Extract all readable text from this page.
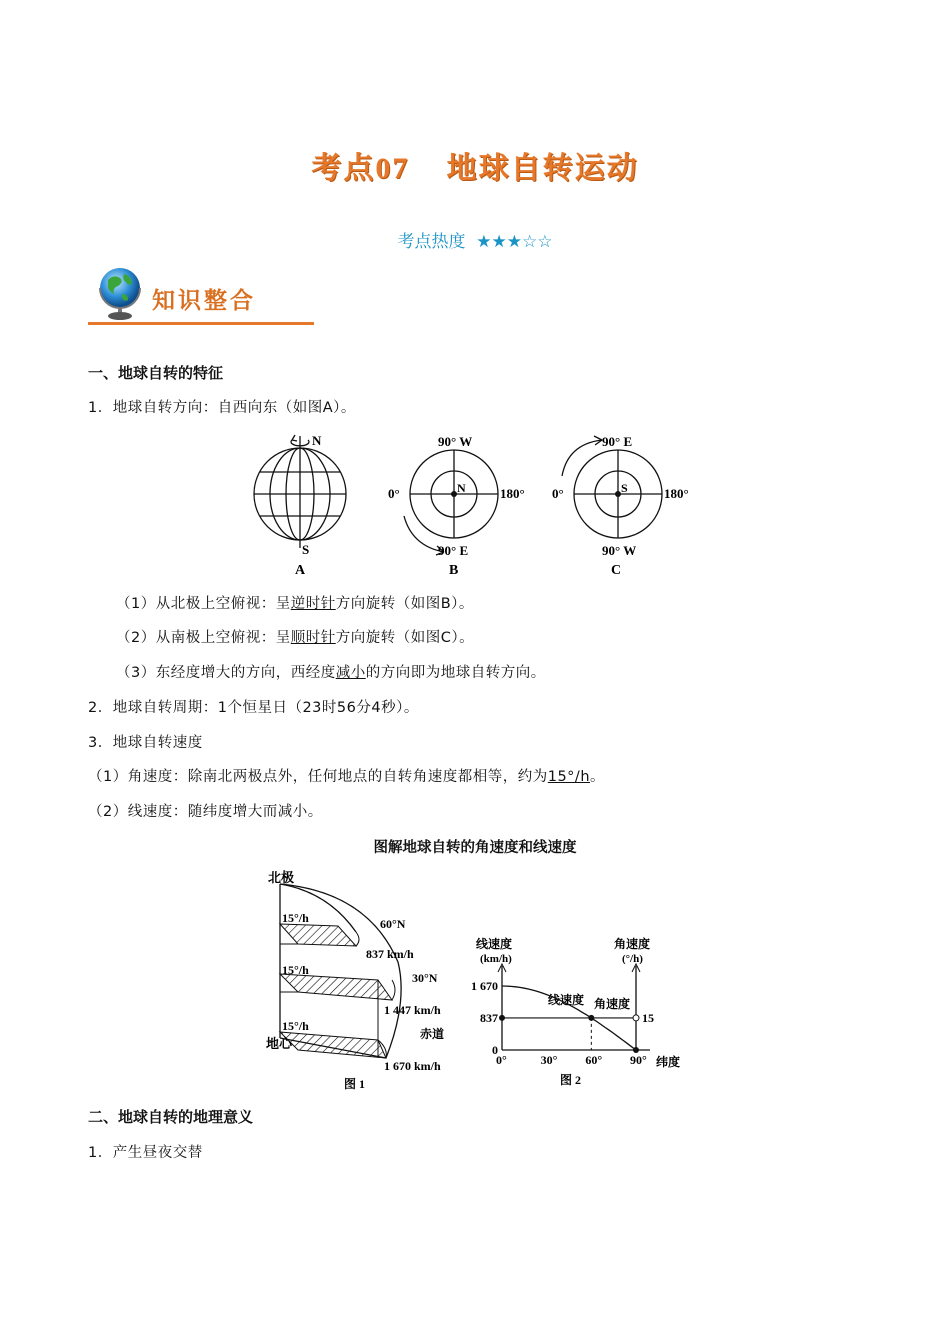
考点07 地球自转运动
考点热度 ★★★☆☆
知识整合
一、地球自转的特征
1．地球自转方向：自西向东（如图A）。
N
S
A
N
90° W
0°	180°
90° E
B
S
90° E
0°	180°
90° W
C
（1）从北极上空俯视：呈逆时针方向旋转（如图B）。
（2）从南极上空俯视：呈顺时针方向旋转（如图C）。
（3）东经度增大的方向，西经度减小的方向即为地球自转方向。
2．地球自转周期：1个恒星日（23时56分4秒）。
3．地球自转速度
（1）角速度：除南北两极点外，任何地点的自转角速度都相等，约为15°/h。
（2）线速度：随纬度增大而减小。
图解地球自转的角速度和线速度
北极
地心
15°/h
15°/h
15°/h
60°N
837 km/h
30°N
1 447 km/h
赤道
1 670 km/h
图 1
线速度
(km/h)
角速度
(°/h)
纬度
图 2
线速度 角速度
0°	30° 60° 90°
0
837
1 670
15
二、地球自转的地理意义
1．产生昼夜交替
